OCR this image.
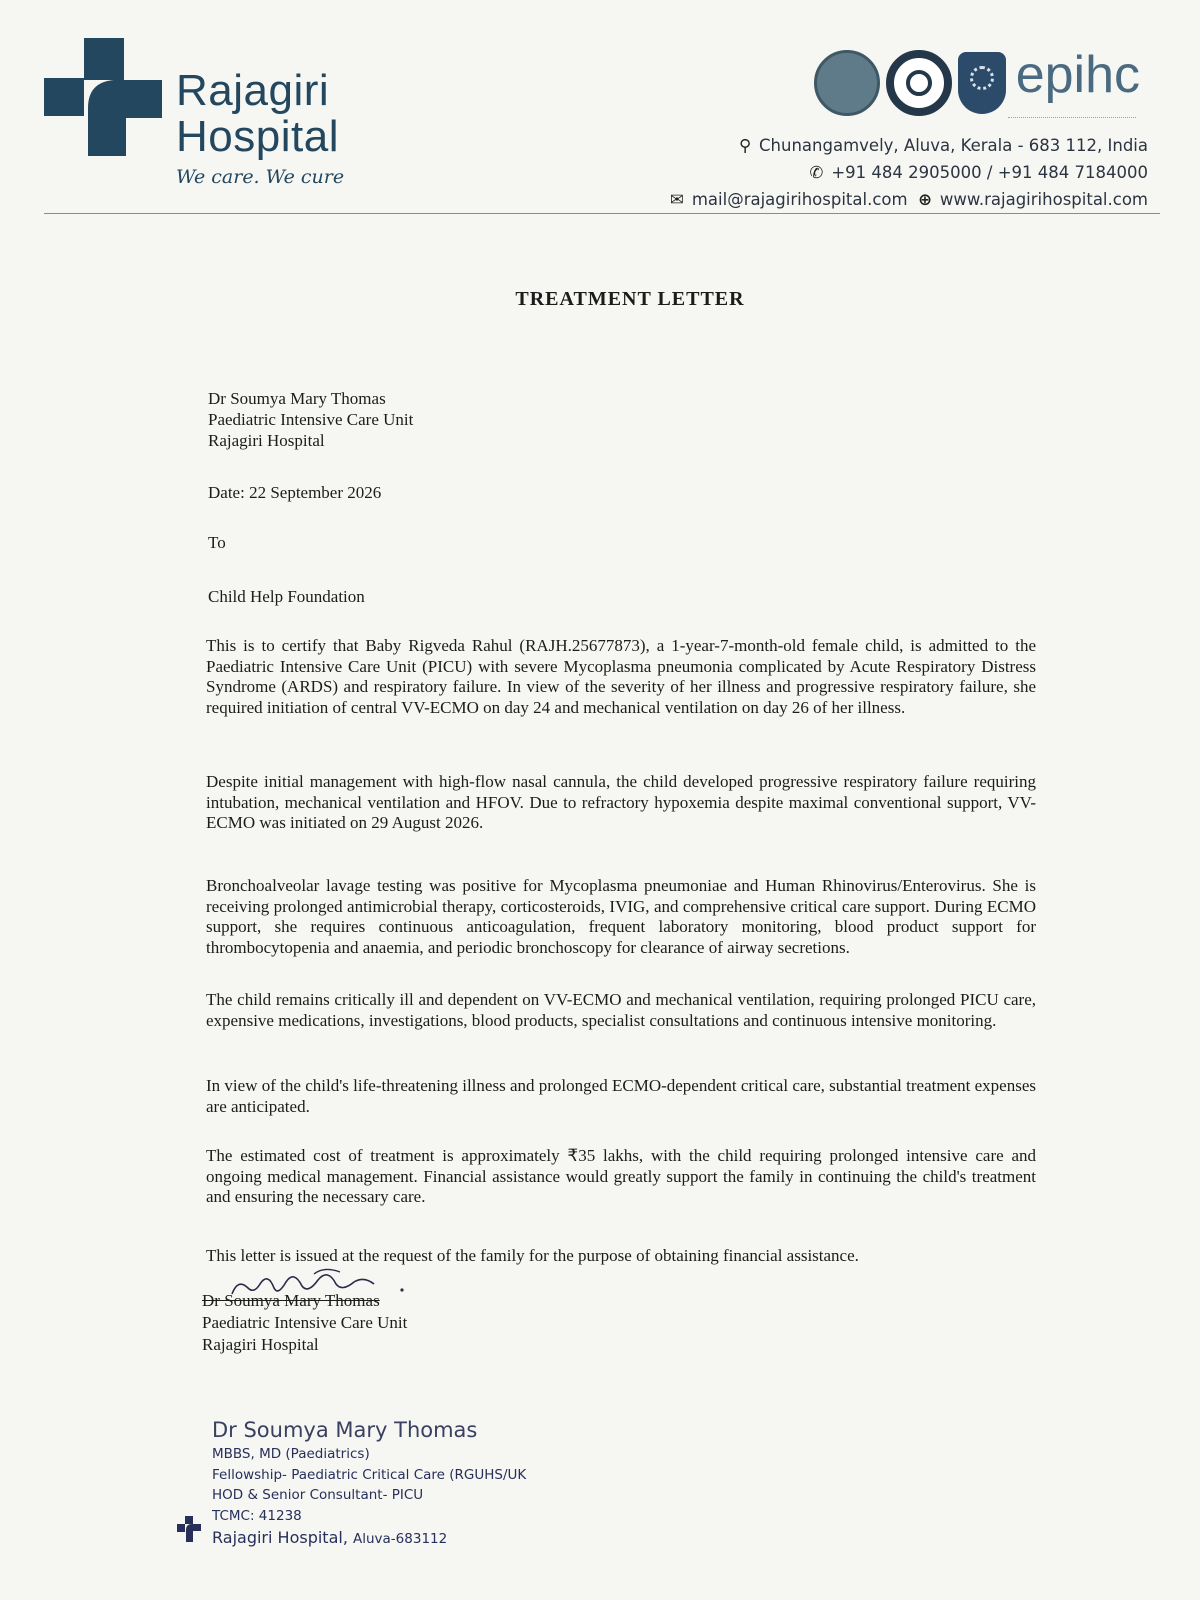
Rajagiri
Hospital
We care. We cure
epihc
⚲ Chunangamvely, Aluva, Kerala - 683 112, India
✆ +91 484 2905000 / +91 484 7184000
✉ mail@rajagirihospital.com ⊕ www.rajagirihospital.com
TREATMENT LETTER
Dr Soumya Mary Thomas
Paediatric Intensive Care Unit
Rajagiri Hospital
Date: 22 September 2026
To
Child Help Foundation
This is to certify that Baby Rigveda Rahul (RAJH.25677873), a 1-year-7-month-old female child, is admitted to the Paediatric Intensive Care Unit (PICU) with severe Mycoplasma pneumonia complicated by Acute Respiratory Distress Syndrome (ARDS) and respiratory failure. In view of the severity of her illness and progressive respiratory failure, she required initiation of central VV-ECMO on day 24 and mechanical ventilation on day 26 of her illness.
Despite initial management with high-flow nasal cannula, the child developed progressive respiratory failure requiring intubation, mechanical ventilation and HFOV. Due to refractory hypoxemia despite maximal conventional support, VV-ECMO was initiated on 29 August 2026.
Bronchoalveolar lavage testing was positive for Mycoplasma pneumoniae and Human Rhinovirus/Enterovirus. She is receiving prolonged antimicrobial therapy, corticosteroids, IVIG, and comprehensive critical care support. During ECMO support, she requires continuous anticoagulation, frequent laboratory monitoring, blood product support for thrombocytopenia and anaemia, and periodic bronchoscopy for clearance of airway secretions.
The child remains critically ill and dependent on VV-ECMO and mechanical ventilation, requiring prolonged PICU care, expensive medications, investigations, blood products, specialist consultations and continuous intensive monitoring.
In view of the child's life-threatening illness and prolonged ECMO-dependent critical care, substantial treatment expenses are anticipated.
The estimated cost of treatment is approximately ₹35 lakhs, with the child requiring prolonged intensive care and ongoing medical management. Financial assistance would greatly support the family in continuing the child's treatment and ensuring the necessary care.
This letter is issued at the request of the family for the purpose of obtaining financial assistance.
Dr Soumya Mary Thomas
Paediatric Intensive Care Unit
Rajagiri Hospital
Dr Soumya Mary Thomas
MBBS, MD (Paediatrics)
Fellowship- Paediatric Critical Care (RGUHS/UK
HOD & Senior Consultant- PICU
TCMC: 41238
Rajagiri Hospital, Aluva-683112
